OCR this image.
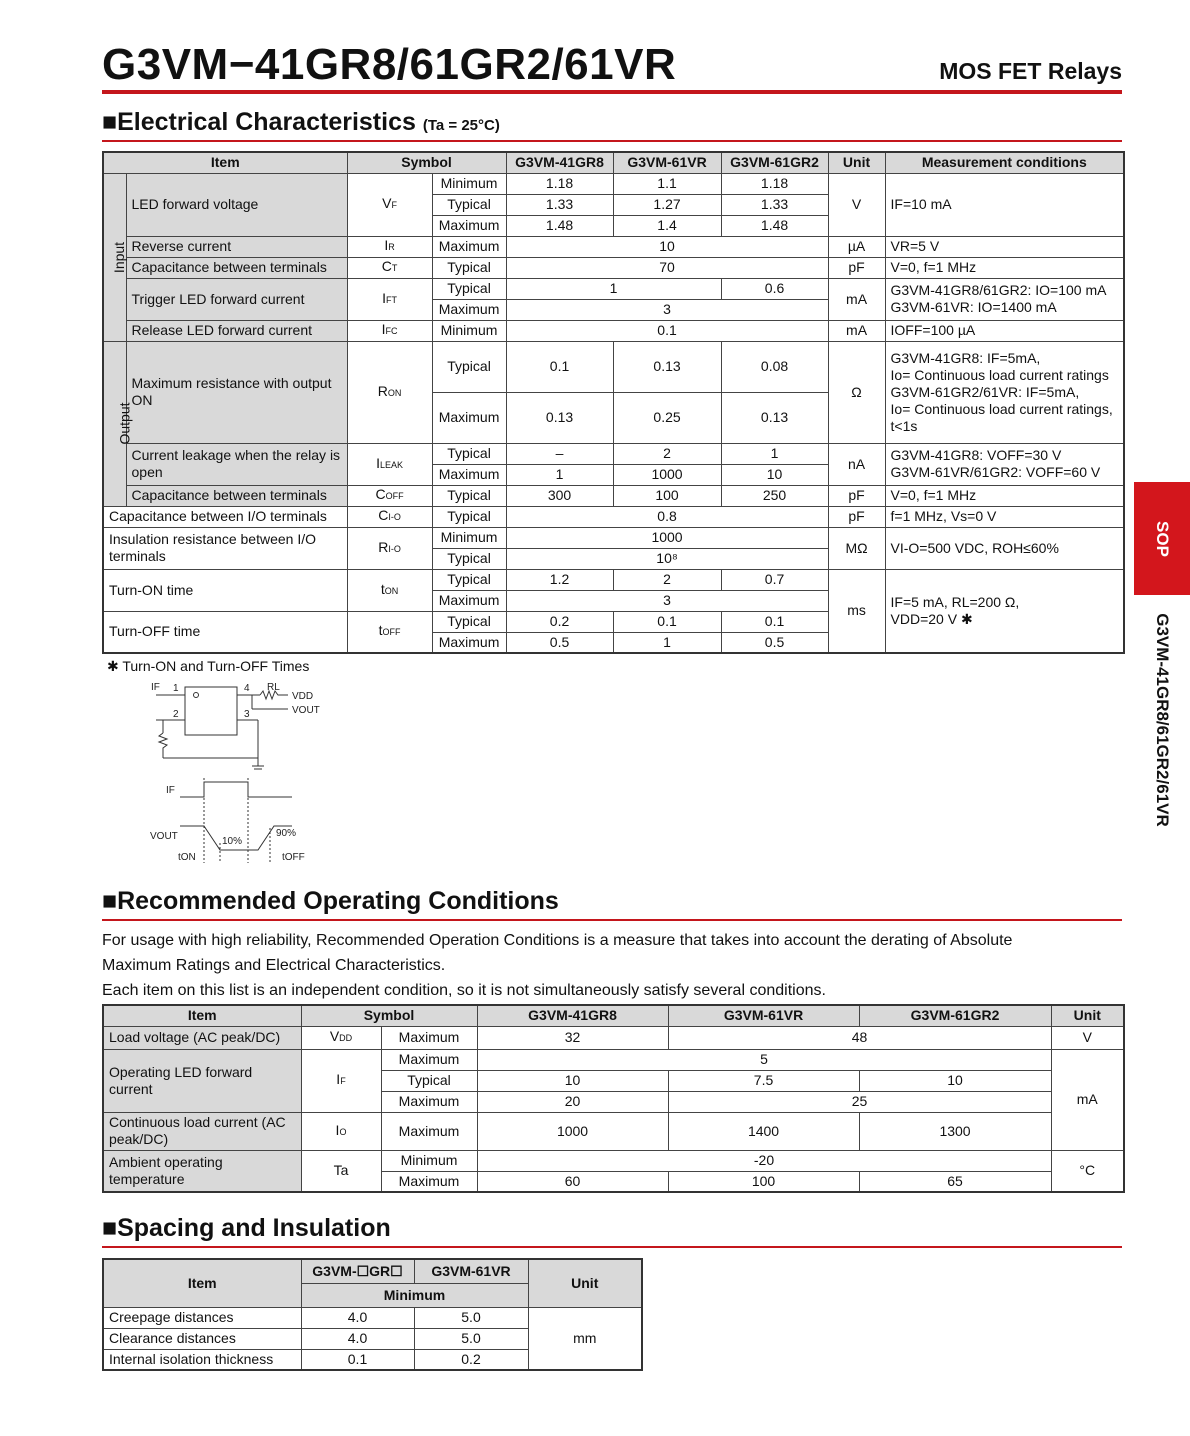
G3VM−41GR8/61GR2/61VR	MOS FET Relays
SOP
G3VM-41GR8/61GR2/61VR
■Electrical Characteristics (Ta = 25°C)
Item		Symbol		G3VM-41GR8	G3VM-61VR	G3VM-61GR2	Unit	Measurement conditions
Input	LED forward voltage	VF	Minimum	1.18	1.1	1.18	V	IF=10 mA
			Typical	1.33	1.27	1.33		
			Maximum	1.48	1.4	1.48		
	Reverse current	IR	Maximum	10			µA	VR=5 V
	Capacitance between terminals	CT	Typical	70			pF	V=0, f=1 MHz
	Trigger LED forward current	IFT	Typical	1		0.6	mA	G3VM-41GR8/61GR2: IO=100 mA
G3VM-61VR: IO=1400 mA

			Maximum	3				
	Release LED forward current	IFC	Minimum	0.1			mA	IOFF=100 µA
Output	Maximum resistance with output ON	RON	Typical	0.1	0.13	0.08	Ω	G3VM-41GR8: IF=5mA,
Io= Continuous load current ratings
G3VM-61GR2/61VR: IF=5mA,
Io= Continuous load current ratings,
t<1s

			Maximum	0.13	0.25	0.13		
	Current leakage when the relay is open	ILEAK	Typical	–	2	1	nA	G3VM-41GR8: VOFF=30 V
G3VM-61VR/61GR2: VOFF=60 V

			Maximum	1	1000	10		
	Capacitance between terminals	COFF	Typical	300	100	250	pF	V=0, f=1 MHz
Capacitance between I/O terminals		CI-O	Typical	0.8			pF	f=1 MHz, Vs=0 V
Insulation resistance between I/O terminals		RI-O	Minimum	1000			MΩ	VI-O=500 VDC, ROH≤60%
			Typical	10⁸				
Turn-ON time		tON	Typical	1.2	2	0.7	ms	IF=5 mA, RL=200 Ω,
VDD=20 V ✱

			Maximum	3				
Turn-OFF time		tOFF	Typical	0.2	0.1	0.1		
			Maximum	0.5	1	0.5		
✱ Turn-ON and Turn-OFF Times
IF 1
2	3
4 RL
VDD
VOUT
IF
VOUT	10%
90%
tON	tOFF
■Recommended Operating Conditions
For usage with high reliability, Recommended Operation Conditions is a measure that takes into account the derating of Absolute
Maximum Ratings and Electrical Characteristics.
Each item on this list is an independent condition, so it is not simultaneously satisfy several conditions.
Item	Symbol		G3VM-41GR8	G3VM-61VR	G3VM-61GR2	Unit
Load voltage (AC peak/DC)	VDD	Maximum	32	48		V
Operating LED forward current	IF	Maximum	5			mA
		Typical	10	7.5	10	
		Maximum	20	25		
Continuous load current (AC peak/DC)	IO	Maximum	1000	1400	1300	
Ambient operating temperature	Ta	Minimum	-20			°C
		Maximum	60	100	65	
■Spacing and Insulation
Item	G3VM-☐GR☐	G3VM-61VR	Unit
	Minimum		
Creepage distances	4.0	5.0	mm
Clearance distances	4.0	5.0	
Internal isolation thickness	0.1	0.2	
